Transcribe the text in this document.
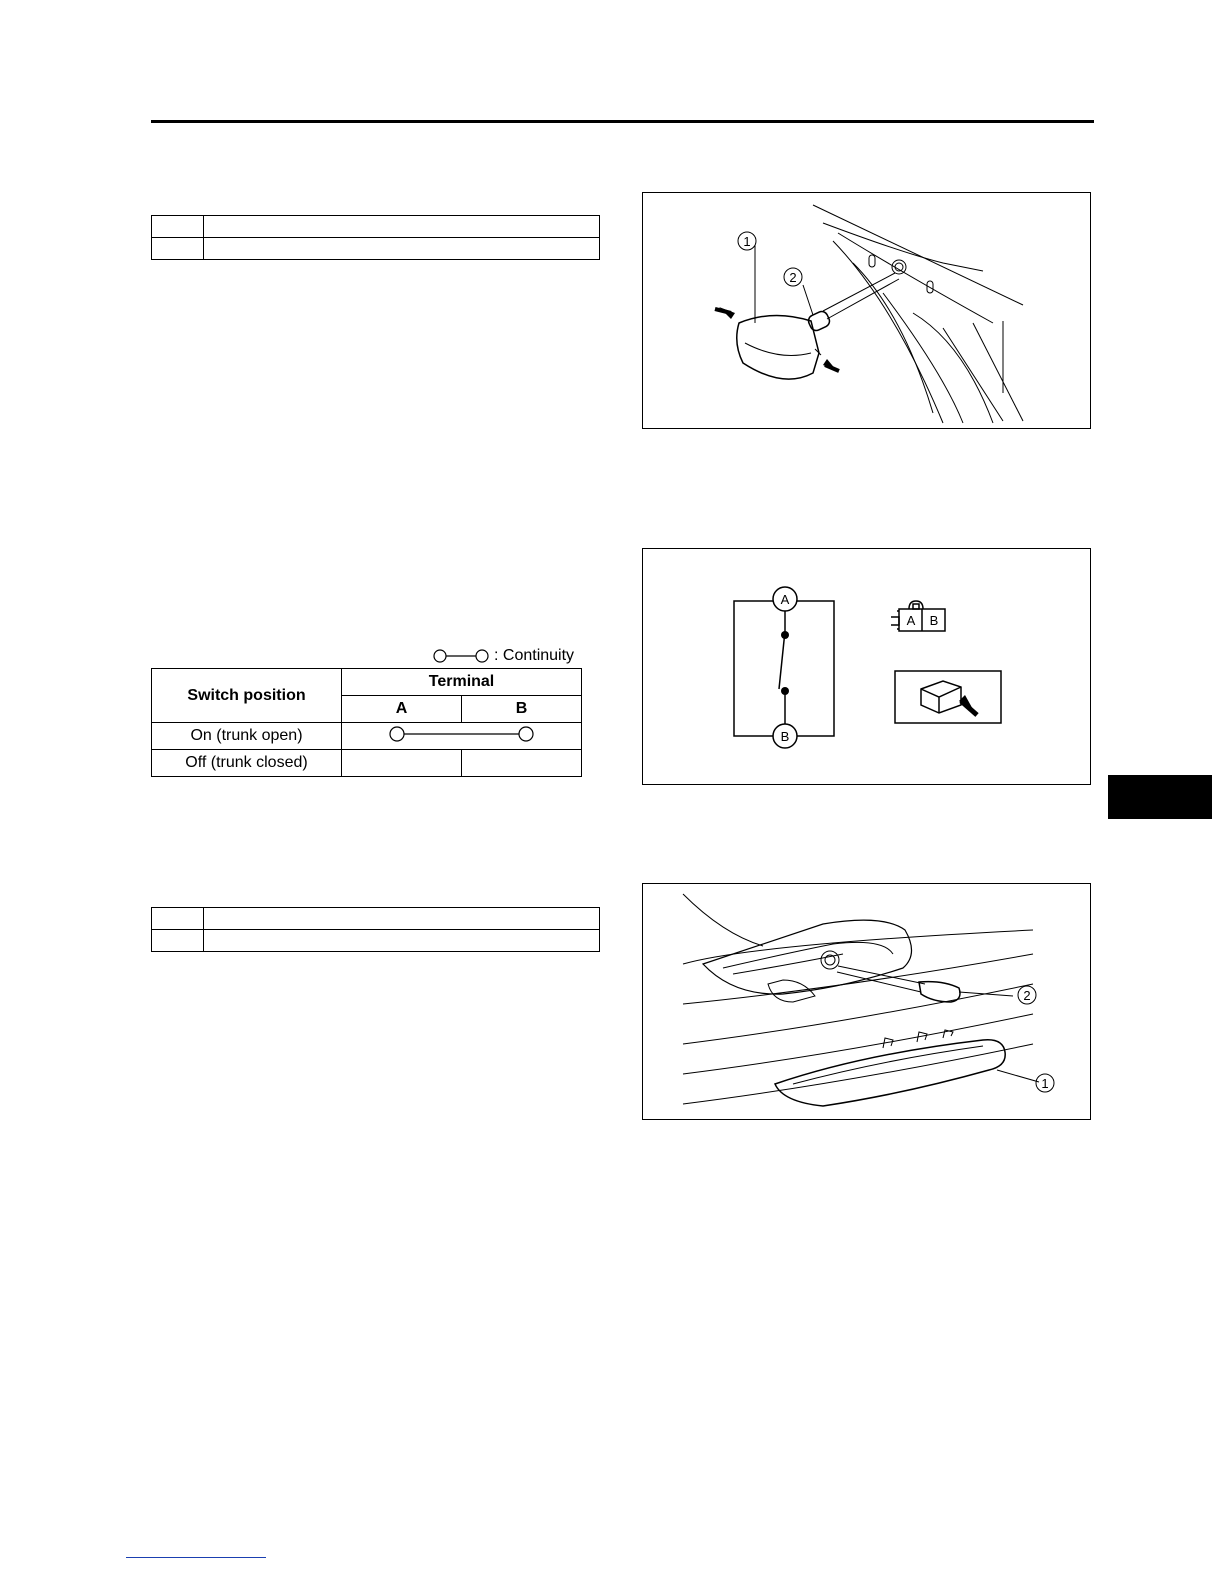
1
2
A
B
A B
: Continuity
Switch position	Terminal	
	A	B
On (trunk open)	
Off (trunk closed)		

2
1
